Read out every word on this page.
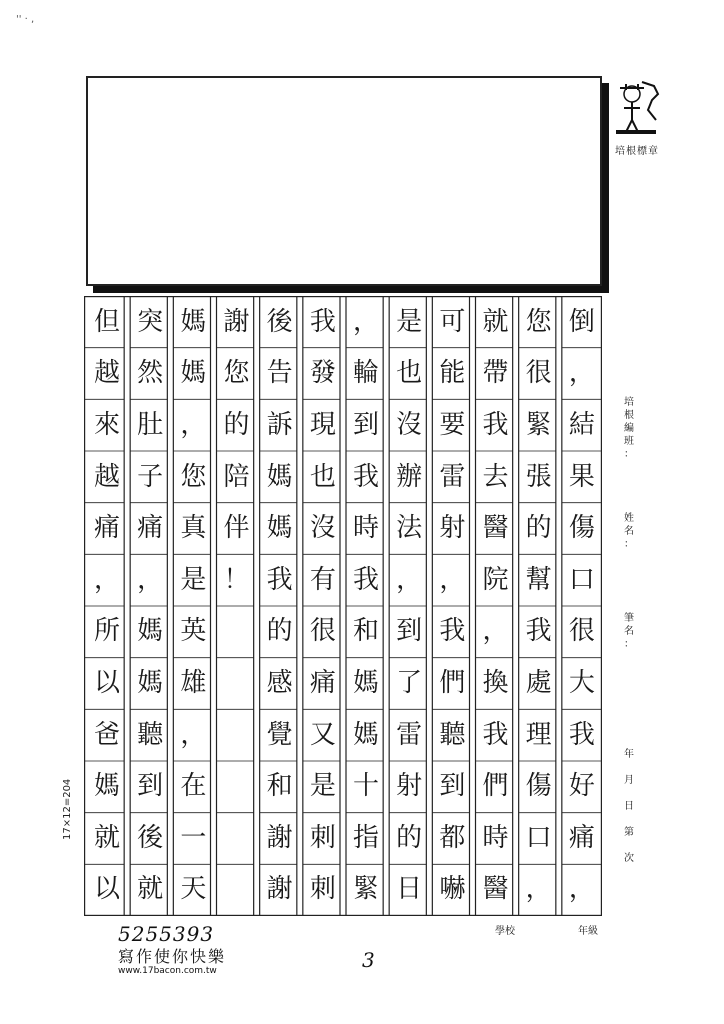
'' · ,
培根標章
培
根
編
班
：
姓
名
：
筆
名
：
年

月

日

第

次
17×12=204
倒
，
結
果
傷
口
很
大
我
好
痛
，
您
很
緊
張
的
幫
我
處
理
傷
口
，
就
帶
我
去
醫
院
，
換
我
們
時
醫
可
能
要
雷
射
，
我
們
聽
到
都
嚇
是
也
沒
辦
法
，
到
了
雷
射
的
日
，
輪
到
我
時
我
和
媽
媽
十
指
緊
我
發
現
也
沒
有
很
痛
又
是
刺
刺
後
告
訴
媽
媽
我
的
感
覺
和
謝
謝
謝
您
的
陪
伴
！
媽
媽
，
您
真
是
英
雄
，
在
一
天
突
然
肚
子
痛
，
媽
媽
聽
到
後
就
但
越
來
越
痛
，
所
以
爸
媽
就
以
學校	年級
5255393
寫作使你快樂
www.17bacon.com.tw	3
